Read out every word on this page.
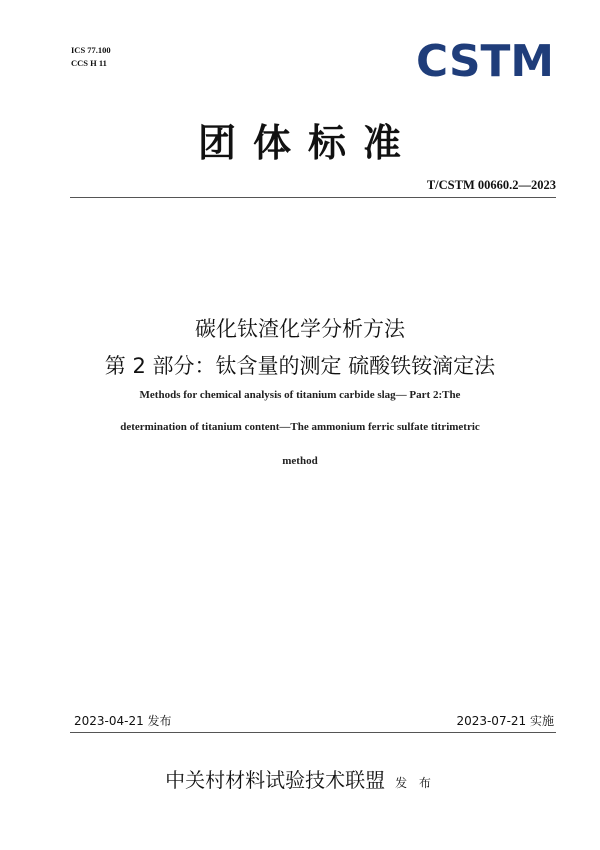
ICS 77.100
CCS H 11	CSTM
团体标准
T/CSTM 00660.2—2023
碳化钛渣化学分析方法
第 2 部分：钛含量的测定 硫酸铁铵滴定法
Methods for chemical analysis of titanium carbide slag— Part 2:The
determination of titanium content—The ammonium ferric sulfate titrimetric
method
2023-04-21 发布	2023-07-21 实施
中关村材料试验技术联盟 发 布
